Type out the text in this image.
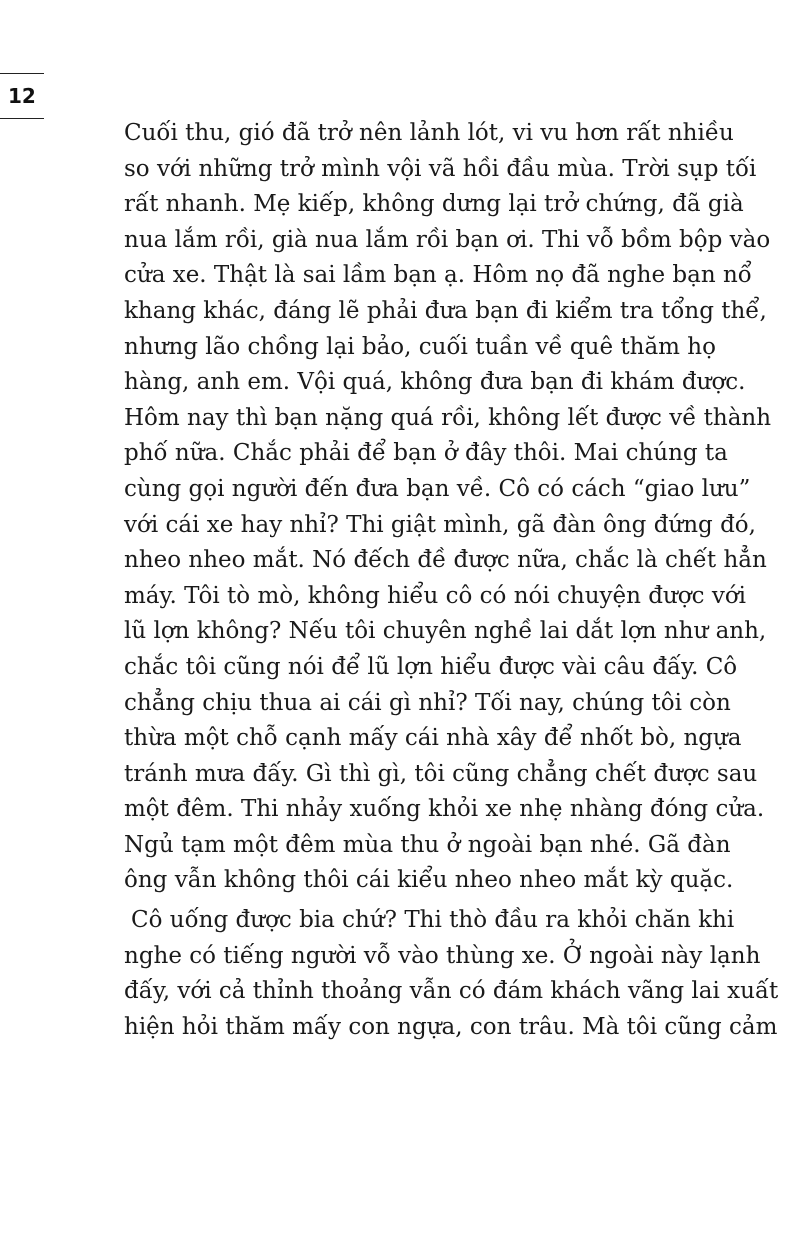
12
Cuối thu, gió đã trở nên lảnh lót, vi vu hơn rất nhiều
so với những trở mình vội vã hồi đầu mùa. Trời sụp tối
rất nhanh. Mẹ kiếp, không dưng lại trở chứng, đã già
nua lắm rồi, già nua lắm rồi bạn ơi. Thi vỗ bồm bộp vào
cửa xe. Thật là sai lầm bạn ạ. Hôm nọ đã nghe bạn nổ
khang khác, đáng lẽ phải đưa bạn đi kiểm tra tổng thể,
nhưng lão chồng lại bảo, cuối tuần về quê thăm họ
hàng, anh em. Vội quá, không đưa bạn đi khám được.
Hôm nay thì bạn nặng quá rồi, không lết được về thành
phố nữa. Chắc phải để bạn ở đây thôi. Mai chúng ta
cùng gọi người đến đưa bạn về. Cô có cách “giao lưu”
với cái xe hay nhỉ? Thi giật mình, gã đàn ông đứng đó,
nheo nheo mắt. Nó đếch đề được nữa, chắc là chết hẳn
máy. Tôi tò mò, không hiểu cô có nói chuyện được với
lũ lợn không? Nếu tôi chuyên nghề lai dắt lợn như anh,
chắc tôi cũng nói để lũ lợn hiểu được vài câu đấy. Cô
chẳng chịu thua ai cái gì nhỉ? Tối nay, chúng tôi còn
thừa một chỗ cạnh mấy cái nhà xây để nhốt bò, ngựa
tránh mưa đấy. Gì thì gì, tôi cũng chẳng chết được sau
một đêm. Thi nhảy xuống khỏi xe nhẹ nhàng đóng cửa.
Ngủ tạm một đêm mùa thu ở ngoài bạn nhé. Gã đàn
ông vẫn không thôi cái kiểu nheo nheo mắt kỳ quặc.
Cô uống được bia chứ? Thi thò đầu ra khỏi chăn khi
nghe có tiếng người vỗ vào thùng xe. Ở ngoài này lạnh
đấy, với cả thỉnh thoảng vẫn có đám khách vãng lai xuất
hiện hỏi thăm mấy con ngựa, con trâu. Mà tôi cũng cảm
